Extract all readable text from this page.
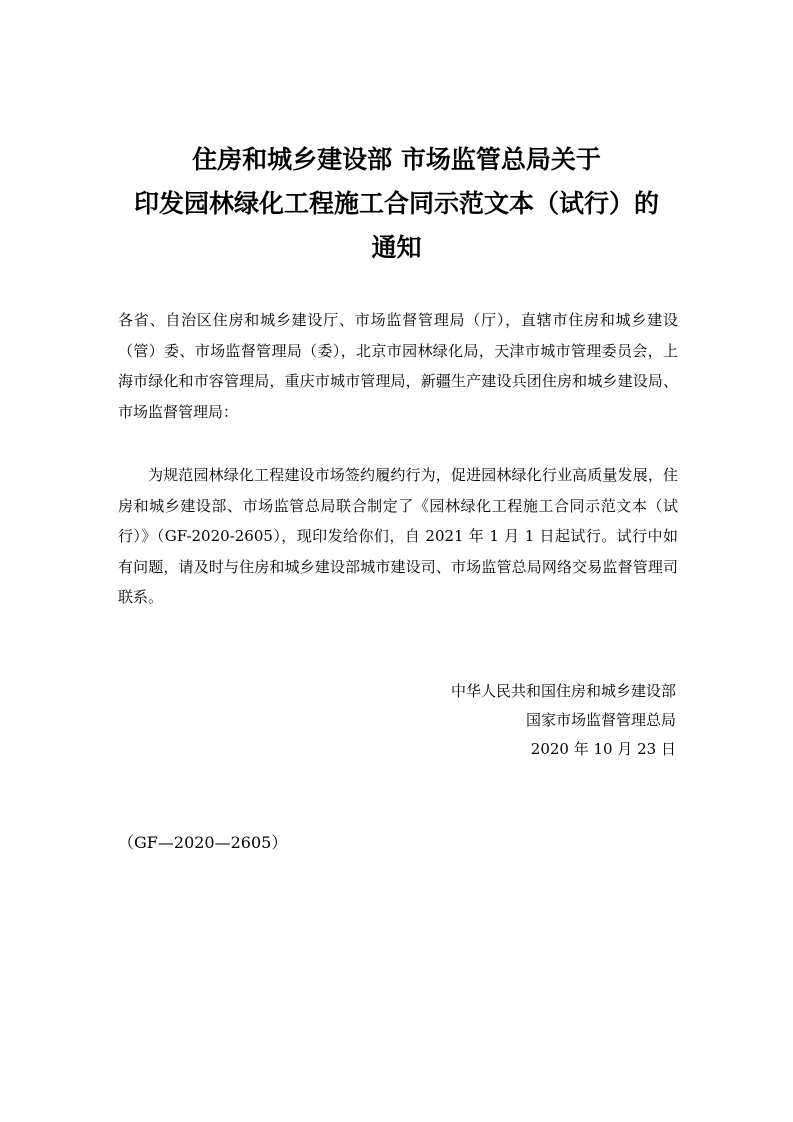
住房和城乡建设部 市场监管总局关于
印发园林绿化工程施工合同示范文本（试行）的
通知

各省、自治区住房和城乡建设厅、市场监督管理局（厅），直辖市住房和城乡建设（管）委、市场监督管理局（委），北京市园林绿化局，天津市城市管理委员会，上海市绿化和市容管理局，重庆市城市管理局，新疆生产建设兵团住房和城乡建设局、市场监督管理局：

为规范园林绿化工程建设市场签约履约行为，促进园林绿化行业高质量发展，住房和城乡建设部、市场监管总局联合制定了《园林绿化工程施工合同示范文本（试行）》（GF-2020-2605），现印发给你们，自 2021 年 1 月 1 日起试行。试行中如有问题，请及时与住房和城乡建设部城市建设司、市场监管总局网络交易监督管理司联系。

中华人民共和国住房和城乡建设部
国家市场监督管理总局
2020 年 10 月 23 日
（GF—2020—2605）
